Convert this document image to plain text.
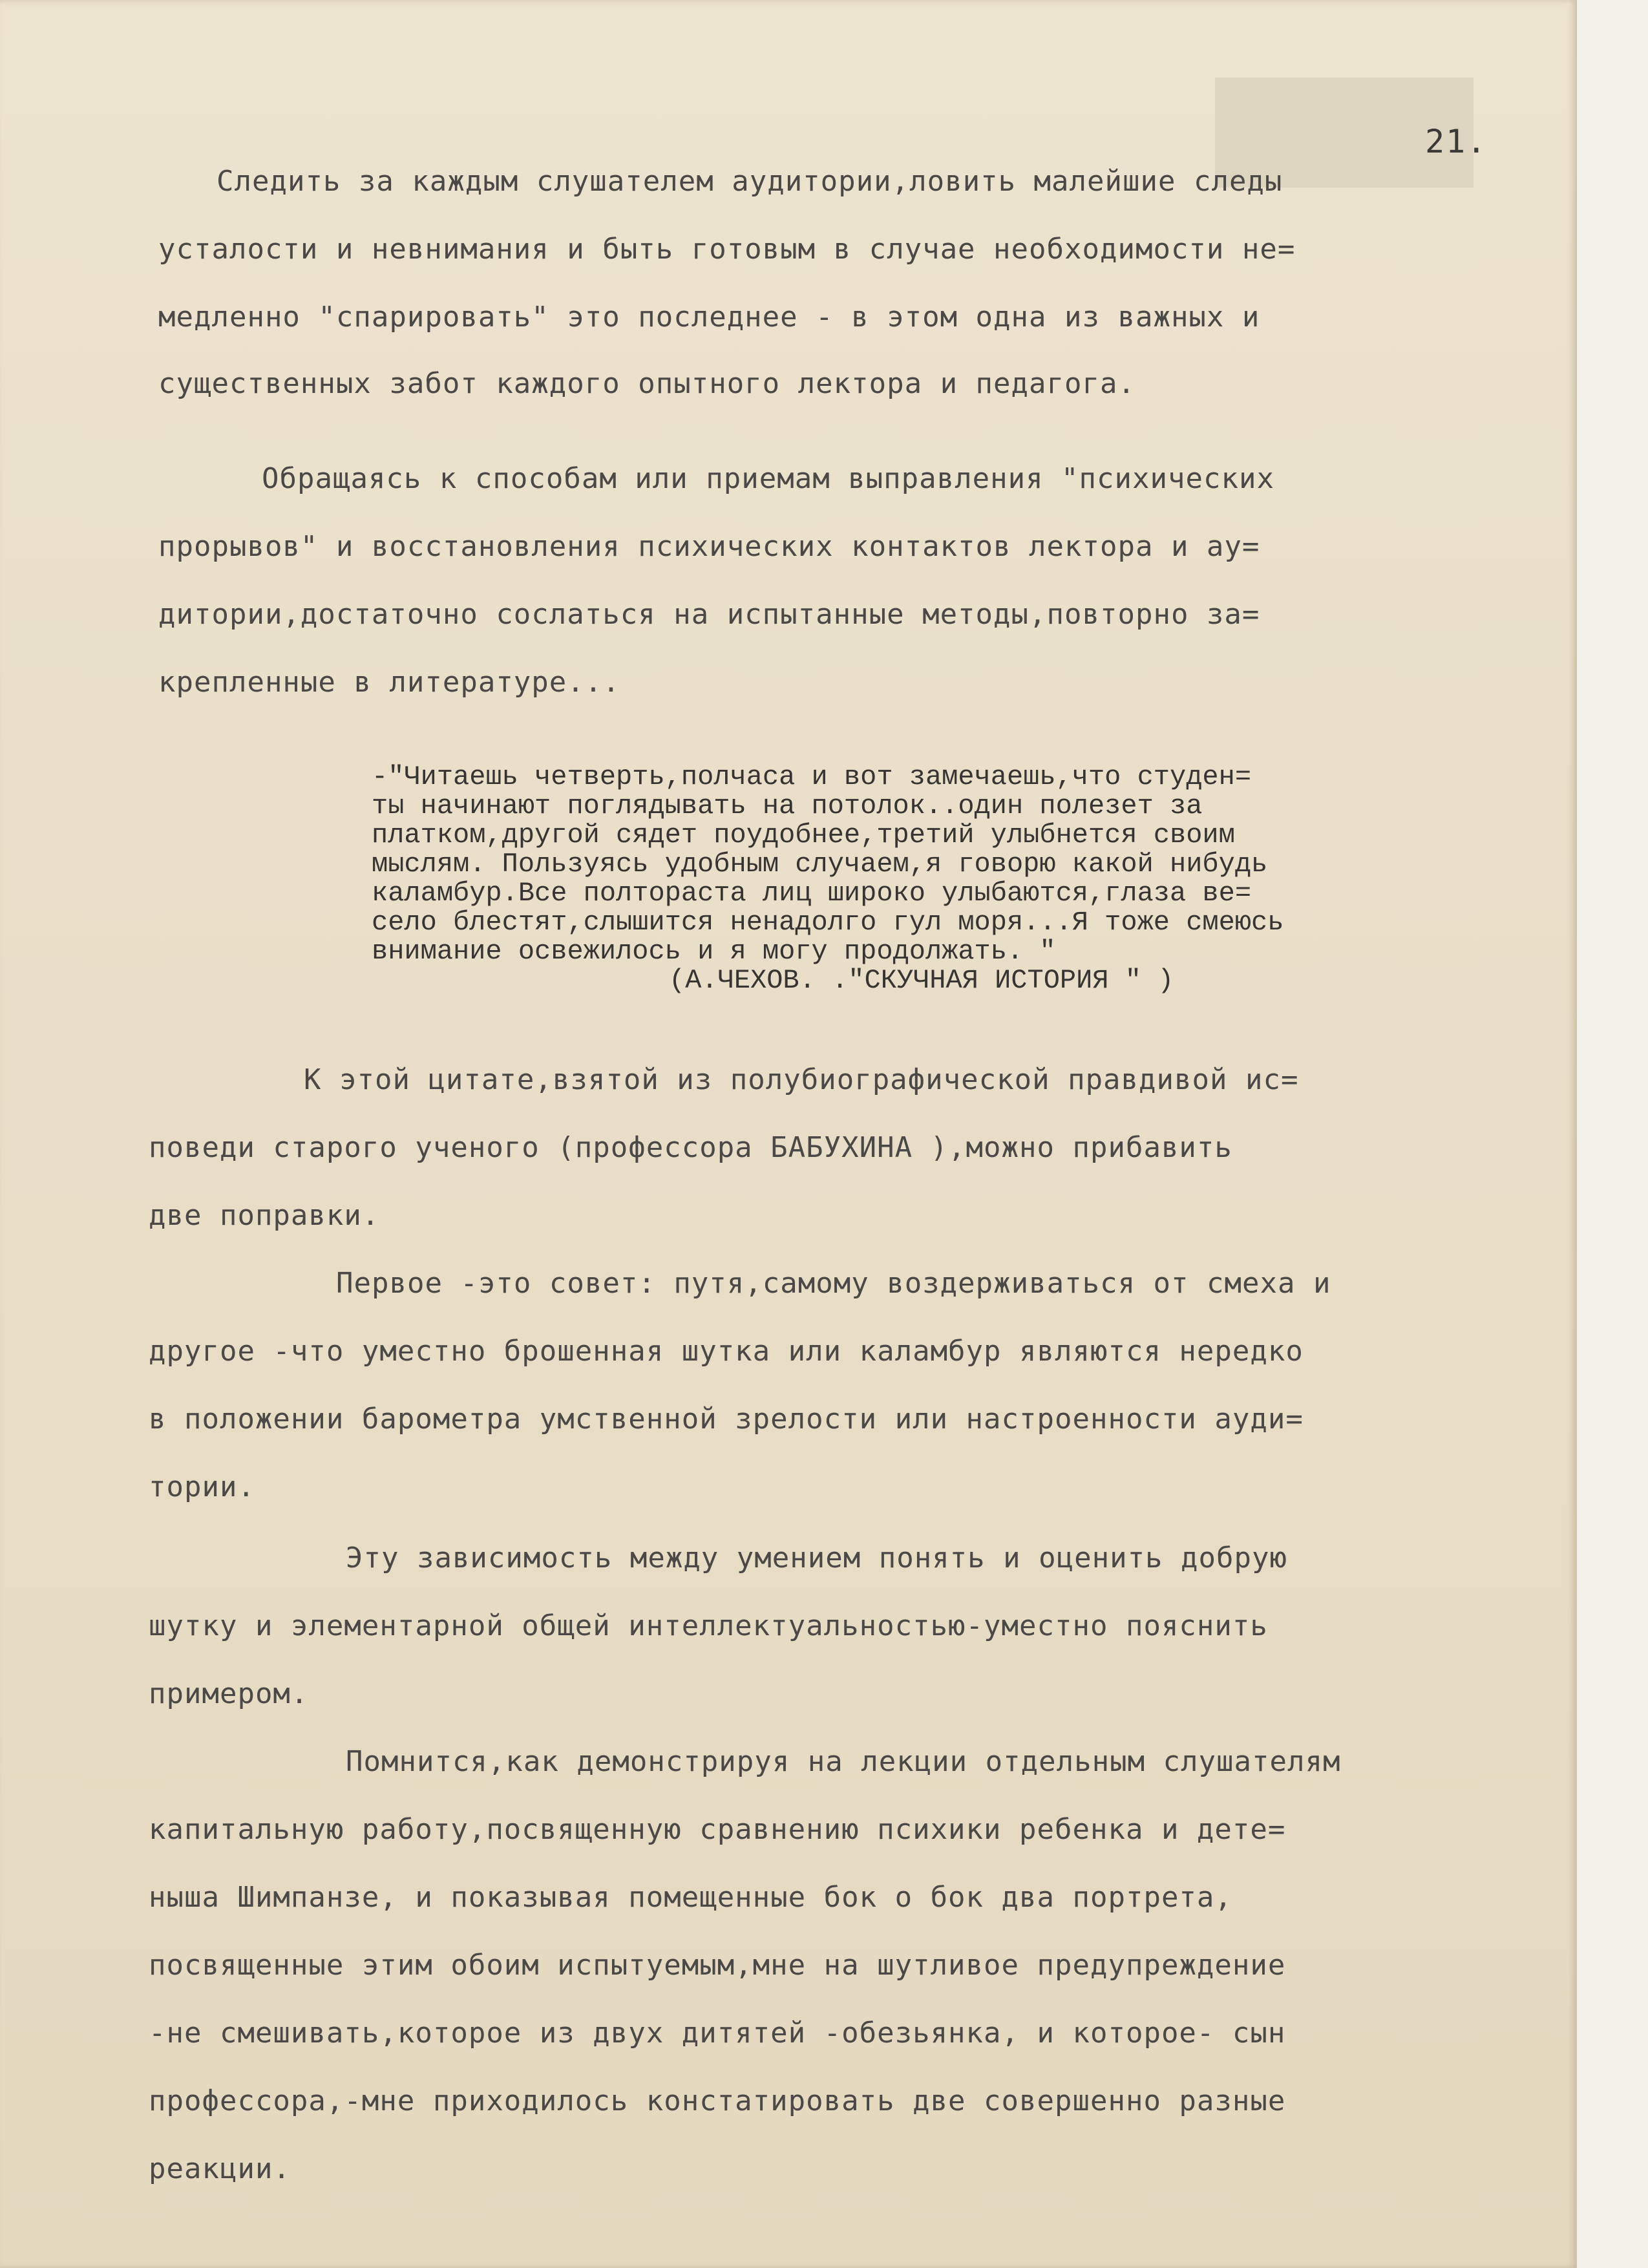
21.
Следить за каждым слушателем аудитории,ловить малейшие следы
усталости и невнимания и быть готовым в случае необходимости не=
медленно "спарировать" это последнее - в этом одна из важных и
существенных забот каждого опытного лектора и педагога.
Обращаясь к способам или приемам выправления "психических
прорывов" и восстановления психических контактов лектора и ау=
дитории,достаточно сослаться на испытанные методы,повторно за=
крепленные в литературе...
-"Читаешь четверть,полчаса и вот замечаешь,что студен=
ты начинают поглядывать на потолок..один полезет за
платком,другой сядет поудобнее,третий улыбнется своим
мыслям. Пользуясь удобным случаем,я говорю какой нибудь
каламбур.Все полтораста лиц широко улыбаются,глаза ве=
село блестят,слышится ненадолго гул моря...Я тоже смеюсь
внимание освежилось и я могу продолжать. "
(А.ЧЕХОВ. ."СКУЧНАЯ ИСТОРИЯ " )
К этой цитате,взятой из полубиографической правдивой ис=
поведи старого ученого (профессора БАБУХИНА ),можно прибавить
две поправки.
Первое -это совет: путя,самому воздерживаться от смеха и
другое -что уместно брошенная шутка или каламбур являются нередко
в положении барометра умственной зрелости или настроенности ауди=
тории.
Эту зависимость между умением понять и оценить добрую
шутку и элементарной общей интеллектуальностью-уместно пояснить
примером.
Помнится,как демонстрируя на лекции отдельным слушателям
капитальную работу,посвященную сравнению психики ребенка и дете=
ныша Шимпанзе, и показывая помещенные бок о бок два портрета,
посвященные этим обоим испытуемым,мне на шутливое предупреждение
-не смешивать,которое из двух дитятей -обезьянка, и которое- сын
профессора,-мне приходилось констатировать две совершенно разные
реакции.
